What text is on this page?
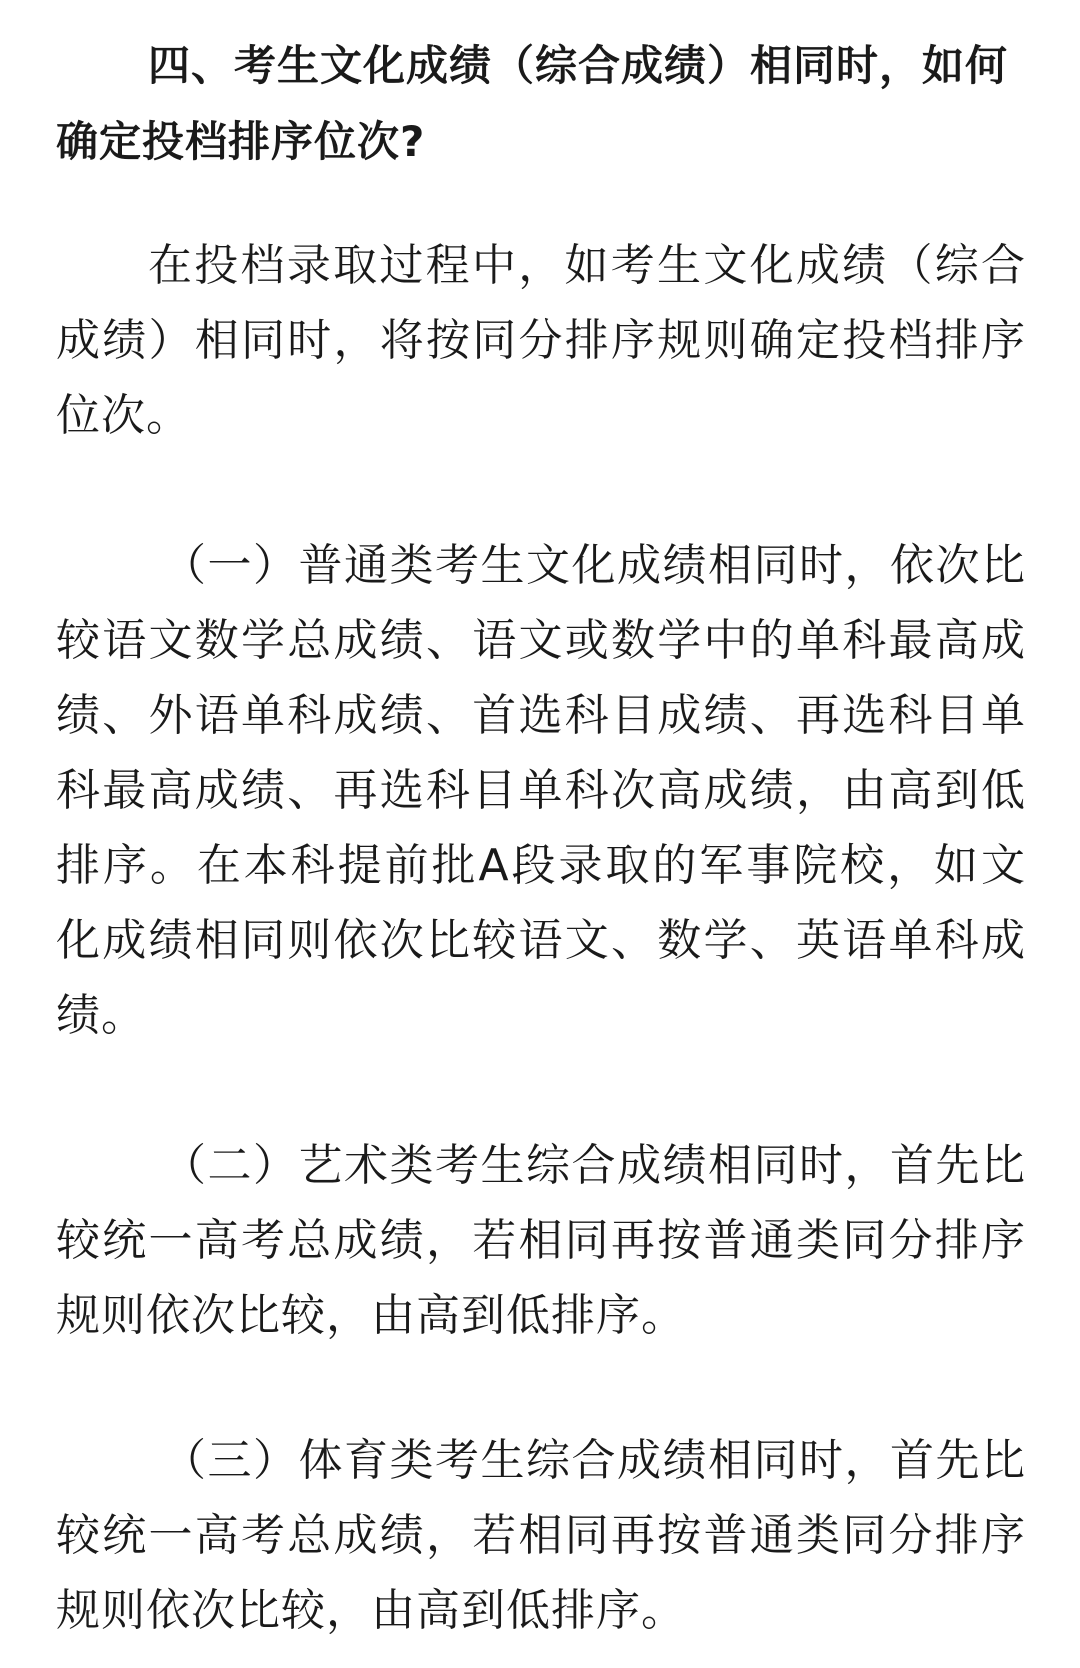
四、考生文化成绩（综合成绩）相同时，如何确定投档排序位次?

在投档录取过程中，如考生文化成绩（综合成绩）相同时，将按同分排序规则确定投档排序位次。

（一）普通类考生文化成绩相同时，依次比较语文数学总成绩、语文或数学中的单科最高成绩、外语单科成绩、首选科目成绩、再选科目单科最高成绩、再选科目单科次高成绩，由高到低排序。在本科提前批A段录取的军事院校，如文化成绩相同则依次比较语文、数学、英语单科成绩。

（二）艺术类考生综合成绩相同时，首先比较统一高考总成绩，若相同再按普通类同分排序规则依次比较，由高到低排序。

（三）体育类考生综合成绩相同时，首先比较统一高考总成绩，若相同再按普通类同分排序规则依次比较，由高到低排序。
